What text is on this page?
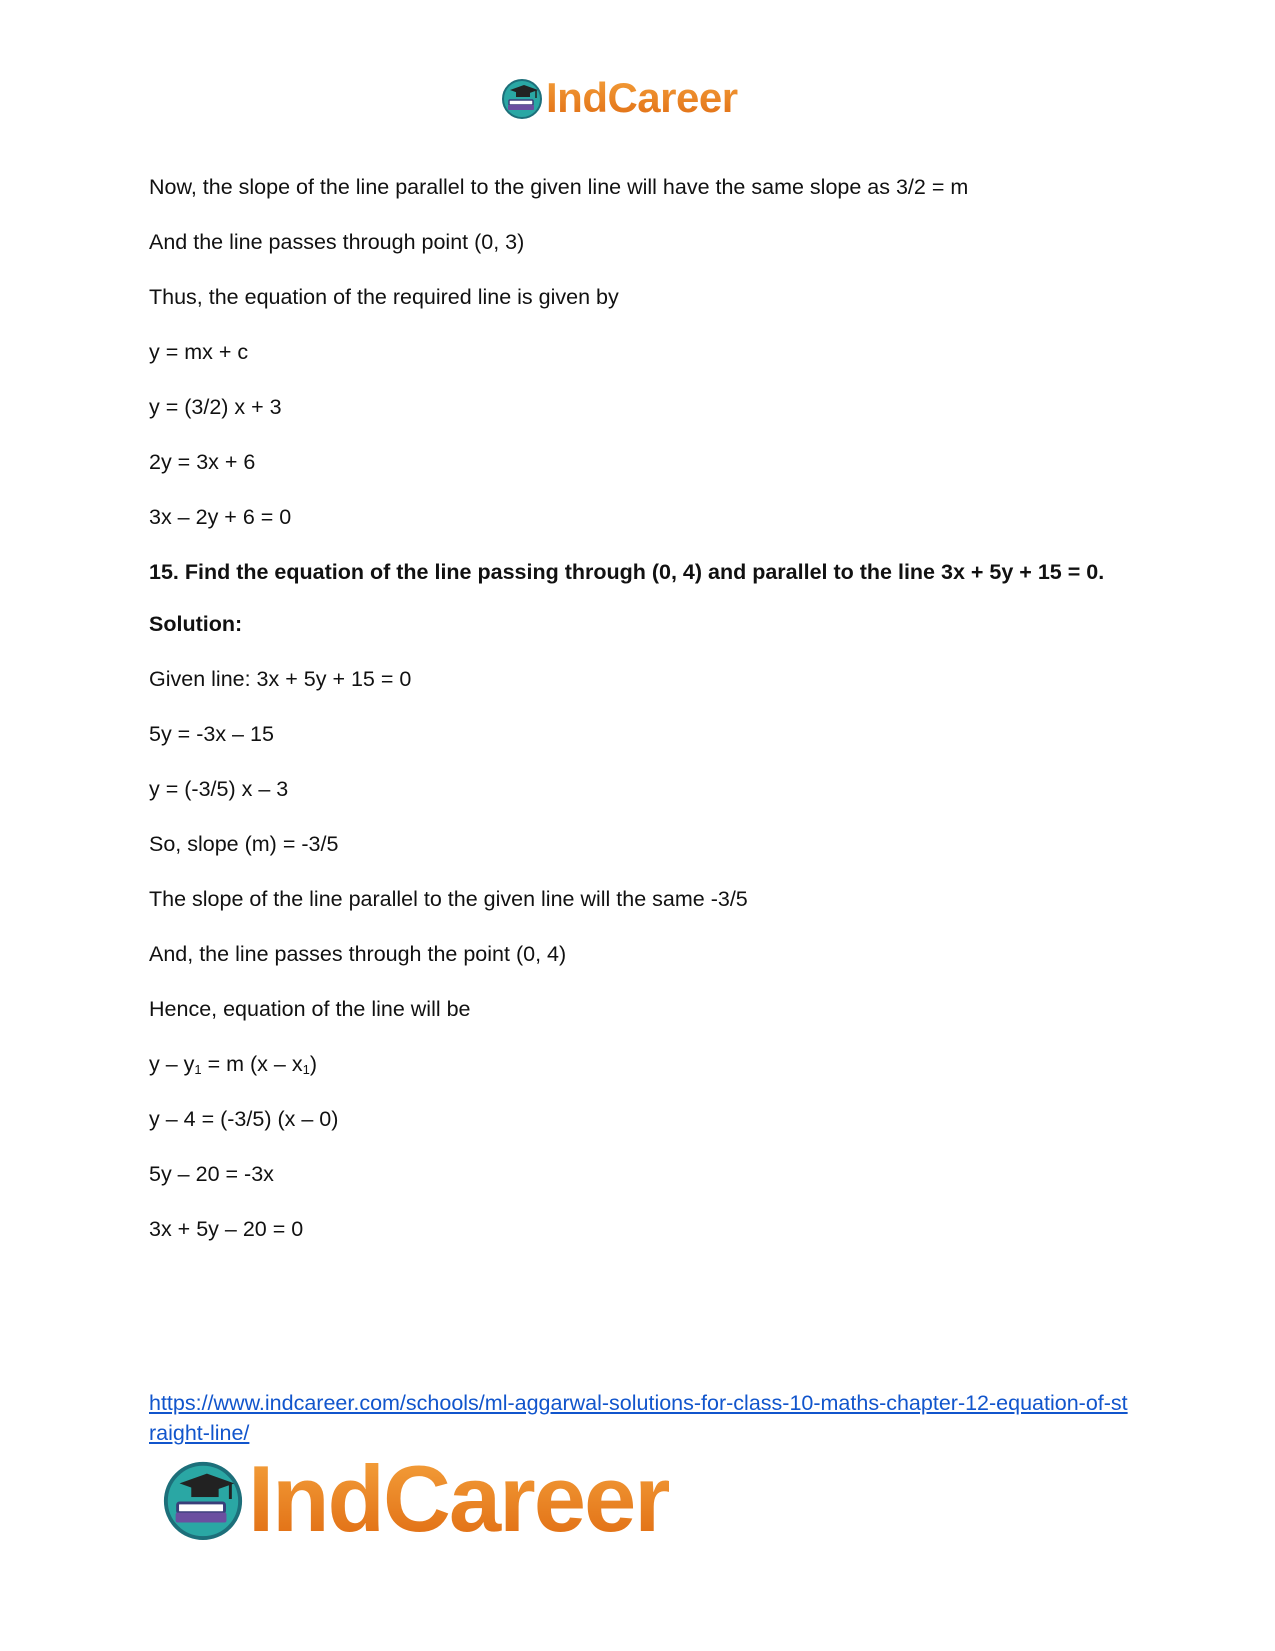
IndCareer

Now, the slope of the line parallel to the given line will have the same slope as 3/2 = m

And the line passes through point (0, 3)

Thus, the equation of the required line is given by

y = mx + c

y = (3/2) x + 3

2y = 3x + 6

3x – 2y + 6 = 0

15. Find the equation of the line passing through (0, 4) and parallel to the line 3x + 5y + 15 = 0.

Solution:

Given line: 3x + 5y + 15 = 0

5y = -3x – 15

y = (-3/5) x – 3

So, slope (m) = -3/5

The slope of the line parallel to the given line will the same -3/5

And, the line passes through the point (0, 4)

Hence, equation of the line will be

$y - y_1 = m$ $(x - x_1)$

y – 4 = (-3/5) (x – 0)

5y – 20 = -3x

3x + 5y – 20 = 0

https://www.indcareer.com/schools/ml-aggarwal-solutions-for-class-10-maths-chapter-12-equation-of-straight-line/
IndCareer
